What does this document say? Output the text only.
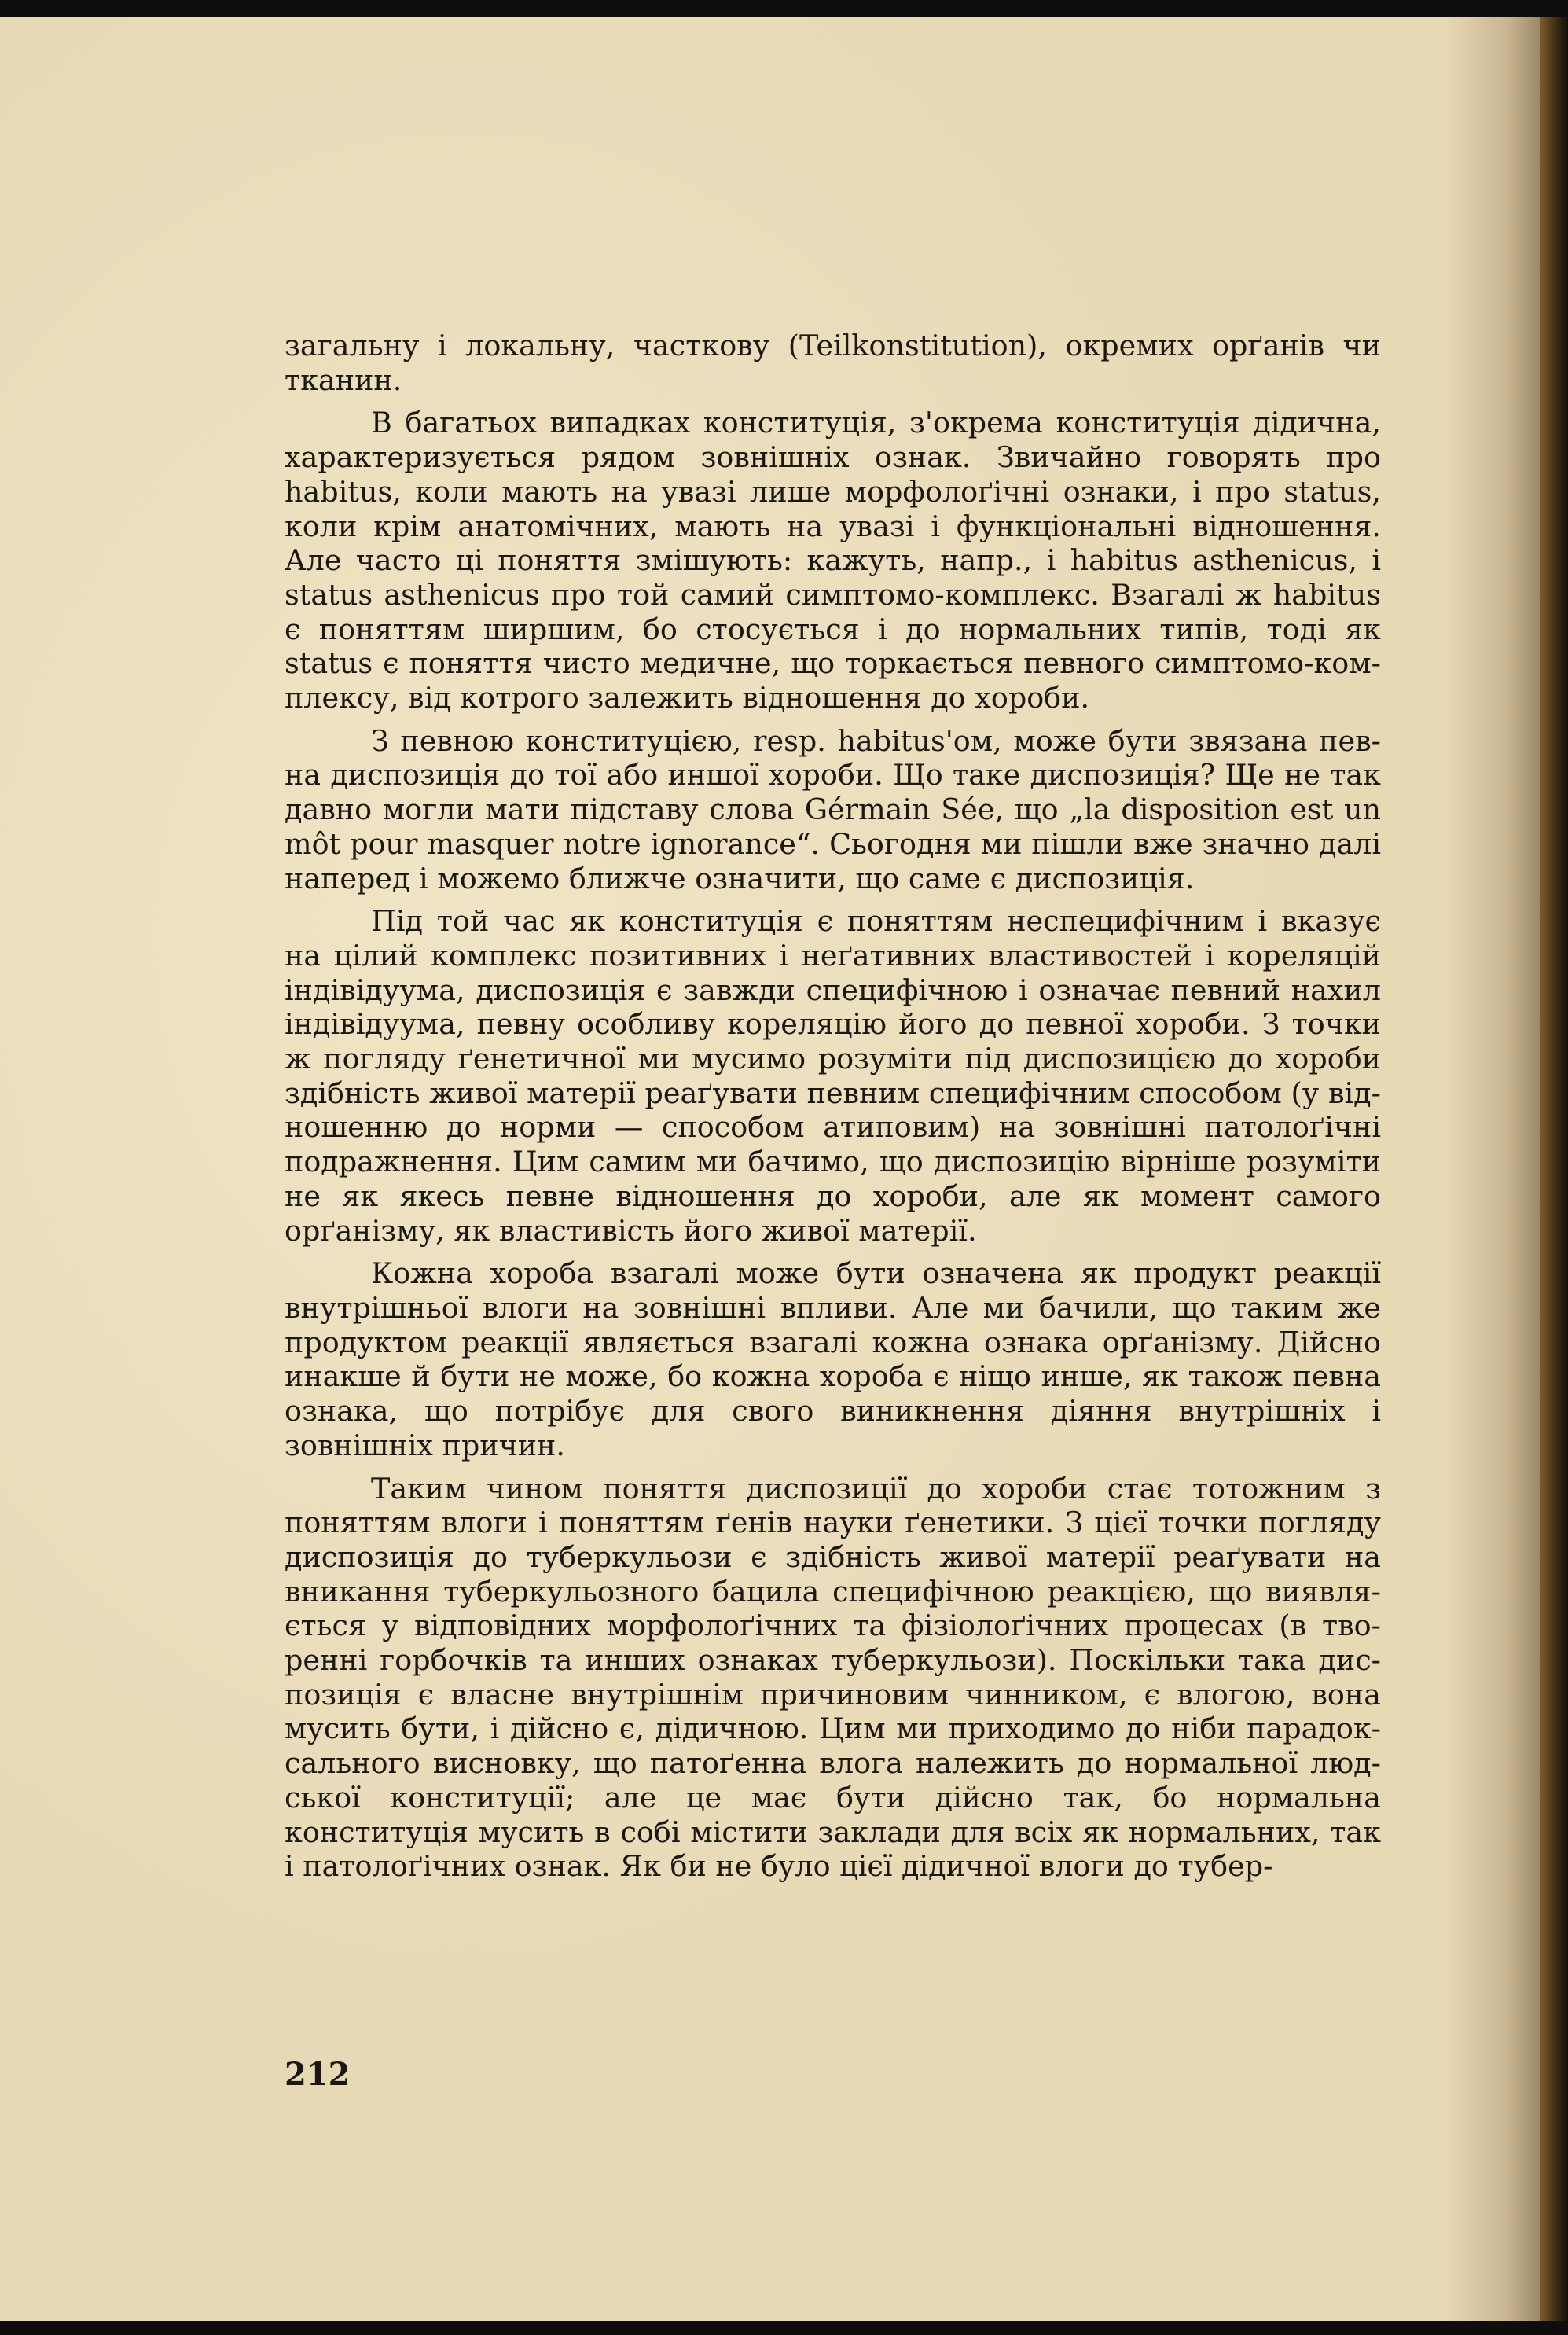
загальну і локальну, часткову (Teilkonstitution), окремих орґанів чи тканин.

В багатьох випадках конституція, з'окрема конституція дідична, характеризується рядом зовнішніх ознак. Звичайно говорять про habitus, коли мають на увазі лише морфолоґічні ознаки, і про status, коли крім анатомічних, мають на увазі і функціональні відношення. Але часто ці поняття змішують: кажуть, напр., і habitus asthenicus, і status asthenicus про той самий симптомо-комплекс. Взагалі ж habitus є поняттям ширшим, бо стосується і до нормальних типів, тоді як status є поняття чисто медичне, що торкається певного симптомо-комплексу, від котрого залежить відношення до хороби.

З певною конституцією, resp. habitus'ом, може бути звязана певна диспозиція до тої або иншої хороби. Що таке диспозиція? Ще не так давно могли мати підставу слова Gérmain Sée, що „la disposition est un môt pour masquer notre ignorance“. Сьогодня ми пішли вже значно далі наперед і можемо ближче означити, що саме є диспозиція.

Під той час як конституція є поняттям неспецифічним і вказує на цілий комплекс позитивних і неґативних властивостей і кореляцій індівідуума, диспозиція є завжди специфічною і означає певний нахил індівідуума, певну особливу кореляцію його до певної хороби. З точки ж погляду ґенетичної ми мусимо розуміти під диспозицією до хороби здібність живої матерії реаґувати певним специфічним способом (у відношенню до норми — способом атиповим) на зовнішні патолоґічні подражнення. Цим самим ми бачимо, що диспозицію вірніше розуміти не як якесь певне відношення до хороби, але як момент самого орґанізму, як властивість його живої матерії.

Кожна хороба взагалі може бути означена як продукт реакції внутрішньої влоги на зовнішні впливи. Але ми бачили, що таким же продуктом реакції являється взагалі кожна ознака орґанізму. Дійсно инакше й бути не може, бо кожна хороба є ніщо инше, як також певна ознака, що потрібує для свого виникнення діяння внутрішніх і зовнішніх причин.

Таким чином поняття диспозиції до хороби стає тотожним з поняттям влоги і поняттям ґенів науки ґенетики. З цієї точки погляду диспозиція до туберкульози є здібність живої матерії реаґувати на вникання туберкульозного бацила специфічною реакцією, що виявляється у відповідних морфолоґічних та фізіолоґічних процесах (в творенні горбочків та инших ознаках туберкульози). Поскільки така диспозиція є власне внутрішнім причиновим чинником, є влогою, вона мусить бути, і дійсно є, дідичною. Цим ми приходимо до ніби парадоксального висновку, що патоґенна влога належить до нормальної людської конституції; але це має бути дійсно так, бо нормальна конституція мусить в собі містити заклади для всіх як нормальних, так і патолоґічних ознак. Як би не було цієї дідичної влоги до тубер-

212
